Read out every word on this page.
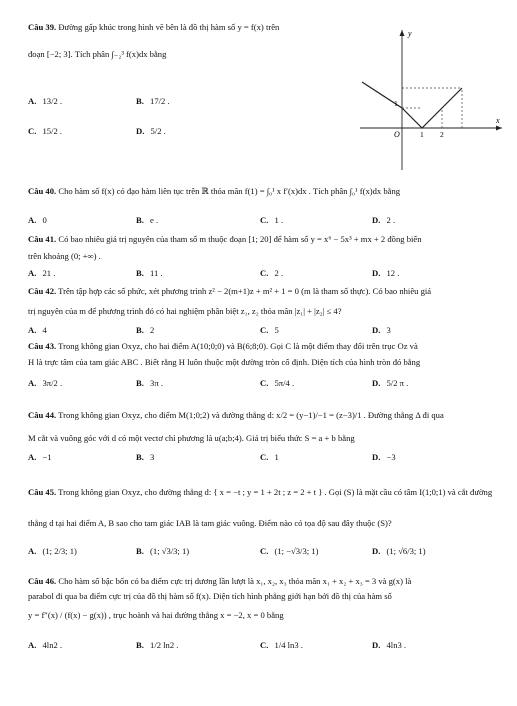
Câu 39. Đường gấp khúc trong hình vẽ bên là đồ thị hàm số y = f(x) trên
đoạn [−2; 3]. Tích phân ∫₋₂³ f(x)dx bằng
A. 13/2 .	B. 17/2 .
C. 15/2 .	D. 5/2 .
y
x
O
1
1 2
Câu 40. Cho hàm số f(x) có đạo hàm liên tục trên ℝ thỏa mãn f(1) = ∫₀¹ x f′(x)dx . Tích phân ∫₀¹ f(x)dx bằng
A. 0	B. e .	C. 1 .	D. 2 .
Câu 41. Có bao nhiêu giá trị nguyên của tham số m thuộc đoạn [1; 20] để hàm số y = x⁶ − 5x³ + mx + 2 đồng biến
trên khoảng (0; +∞) .
A. 21 .	B. 11 .	C. 2 .	D. 12 .
Câu 42. Trên tập hợp các số phức, xét phương trình z² − 2(m+1)z + m² + 1 = 0 (m là tham số thực). Có bao nhiêu giá
trị nguyên của m để phương trình đó có hai nghiệm phân biệt z₁, z₂ thỏa mãn |z₁| + |z₂| ≤ 4?
A. 4	B. 2	C. 5	D. 3
Câu 43. Trong không gian Oxyz, cho hai điểm A(10;0;0) và B(6;8;0). Gọi C là một điểm thay đổi trên trục Oz và
H là trực tâm của tam giác ABC . Biết rằng H luôn thuộc một đường tròn cố định. Diện tích của hình tròn đó bằng
A. 3π/2 .	B. 3π .	C. 5π/4 .	D. 5/2 π .
Câu 44. Trong không gian Oxyz, cho điểm M(1;0;2) và đường thẳng d: x/2 = (y−1)/−1 = (z−3)/1 . Đường thẳng Δ đi qua
M cắt và vuông góc với d có một vectơ chỉ phương là u(a;b;4). Giá trị biểu thức S = a + b bằng
A. −1	B. 3	C. 1	D. −3
Câu 45. Trong không gian Oxyz, cho đường thẳng d: { x = −t ; y = 1 + 2t ; z = 2 + t } . Gọi (S) là mặt cầu có tâm I(1;0;1) và cắt đường
thẳng d tại hai điểm A, B sao cho tam giác IAB là tam giác vuông. Điểm nào có tọa độ sau đây thuộc (S)?
A. (1; 2/3; 1)	B. (1; √3/3; 1)	C. (1; −√3/3; 1)	D. (1; √6/3; 1)
Câu 46. Cho hàm số bậc bốn có ba điểm cực trị dương lần lượt là x₁, x₂, x₃ thỏa mãn x₁ + x₂ + x₃ = 3 và g(x) là
parabol đi qua ba điểm cực trị của đồ thị hàm số f(x). Diện tích hình phẳng giới hạn bởi đồ thị của hàm số
y = f″(x) / (f(x) − g(x)) , trục hoành và hai đường thẳng x = −2, x = 0 bằng
A. 4ln2 .	B. 1/2 ln2 .	C. 1/4 ln3 .	D. 4ln3 .
